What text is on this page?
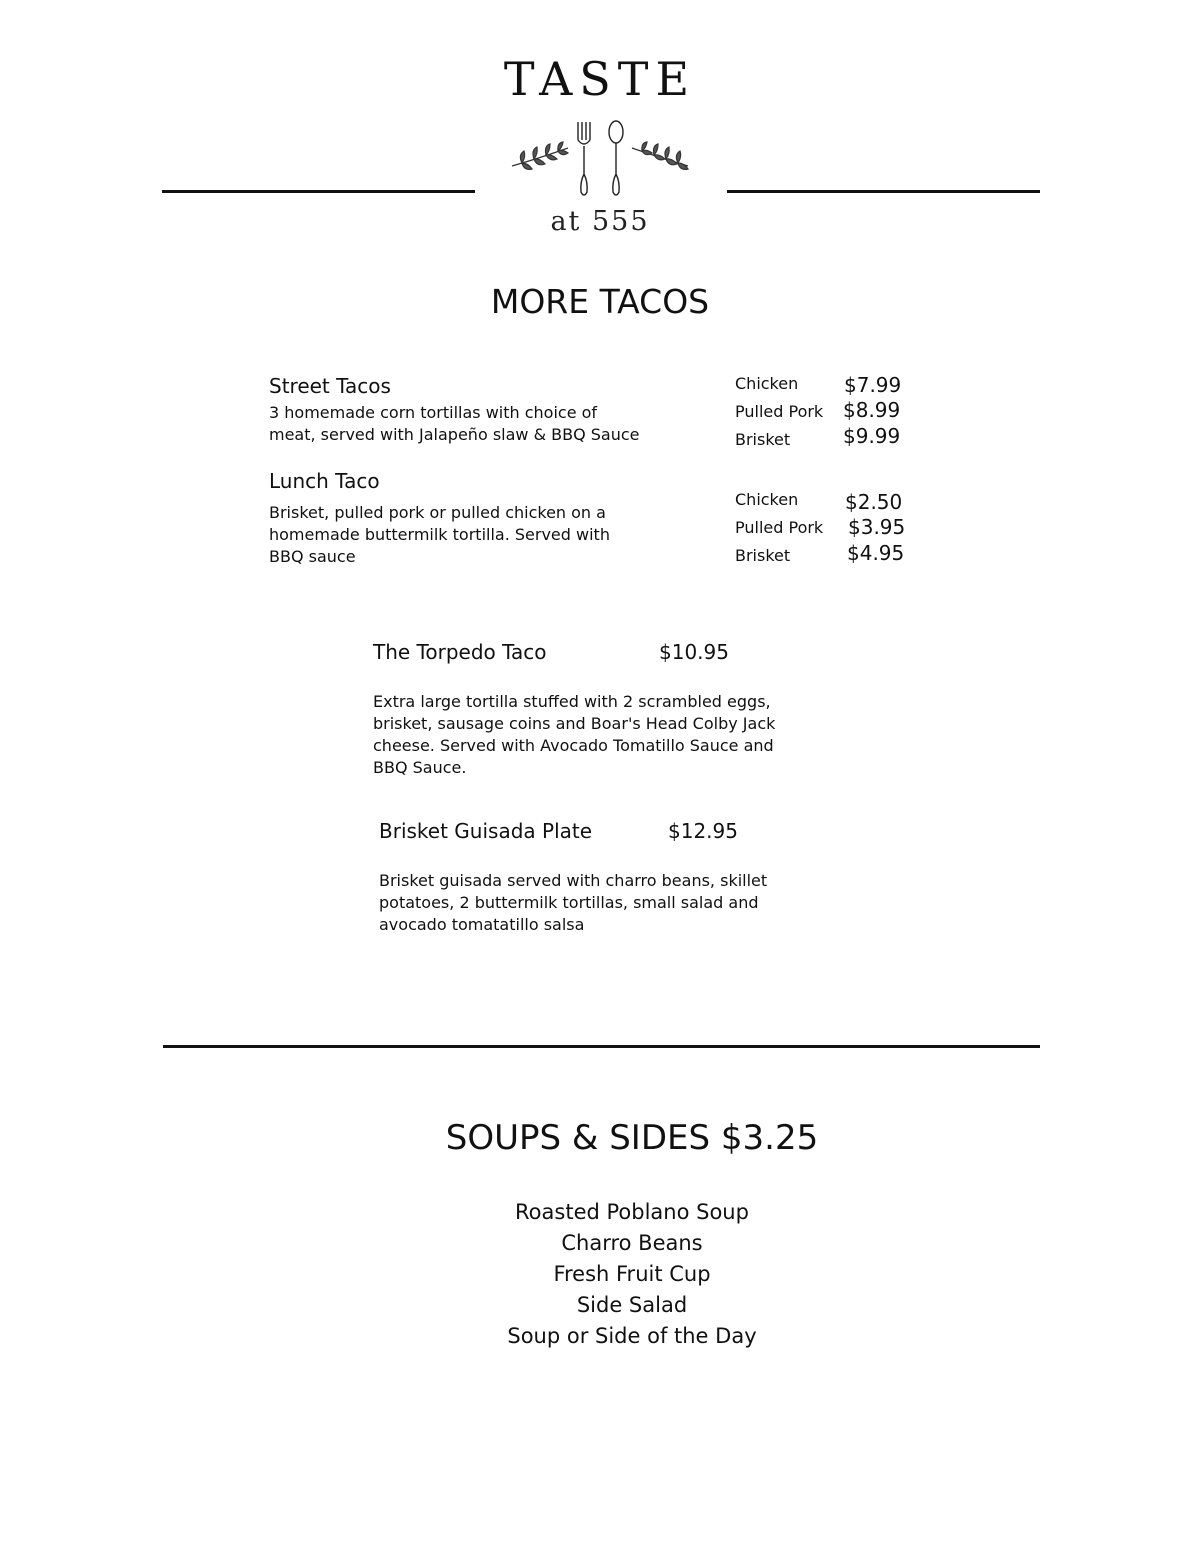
TASTE
at 555
MORE TACOS
Street Tacos
3 homemade corn tortillas with choice of
meat, served with Jalapeño slaw & BBQ Sauce
Chicken
Pulled Pork
Brisket
$7.99
$8.99
$9.99
Lunch Taco
Brisket, pulled pork or pulled chicken on a
homemade buttermilk tortilla. Served with
BBQ sauce
Chicken
Pulled Pork
Brisket
$2.50
$3.95
$4.95
The Torpedo Taco	$10.95
Extra large tortilla stuffed with 2 scrambled eggs,
brisket, sausage coins and Boar's Head Colby Jack
cheese. Served with Avocado Tomatillo Sauce and
BBQ Sauce.
Brisket Guisada Plate	$12.95
Brisket guisada served with charro beans, skillet
potatoes, 2 buttermilk tortillas, small salad and
avocado tomatatillo salsa
SOUPS & SIDES $3.25
Roasted Poblano Soup
Charro Beans
Fresh Fruit Cup
Side Salad
Soup or Side of the Day
